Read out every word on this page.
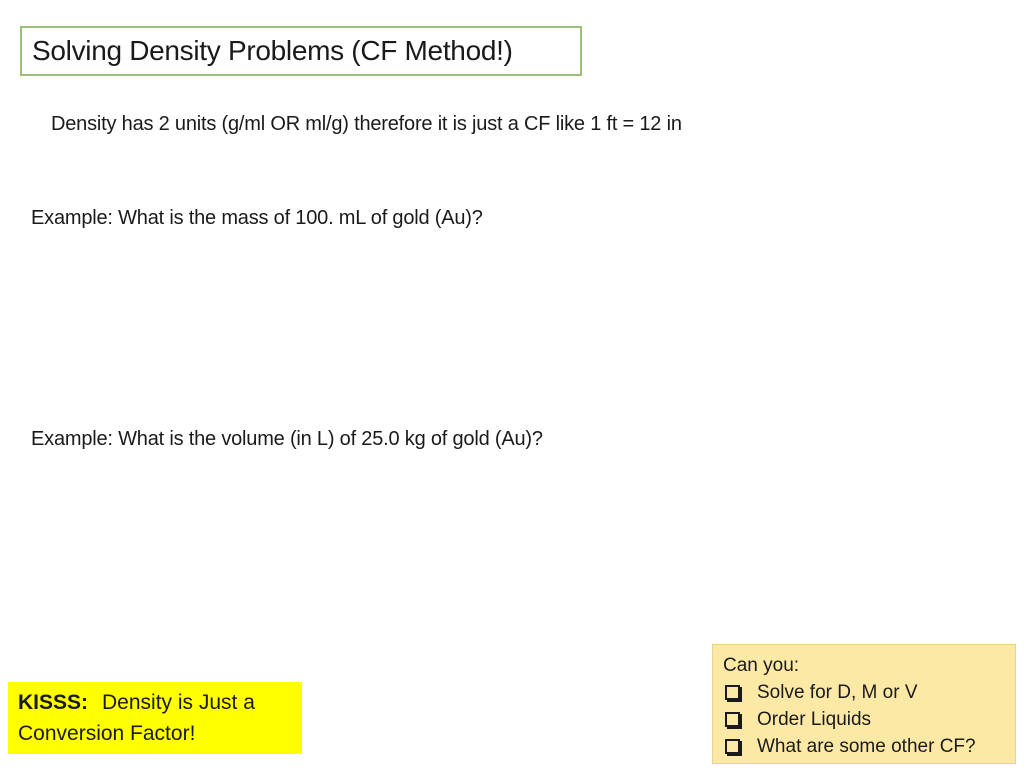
Solving Density Problems (CF Method!)
Density has 2 units (g/ml OR ml/g) therefore it is just a CF like 1 ft = 12 in
Example: What is the mass of 100. mL of gold (Au)?
Example: What is the volume (in L) of 25.0 kg of gold (Au)?
Can you:
Solve for D, M or V
Order Liquids
What are some other CF?
KISSS: Density is Just a
Conversion Factor!
